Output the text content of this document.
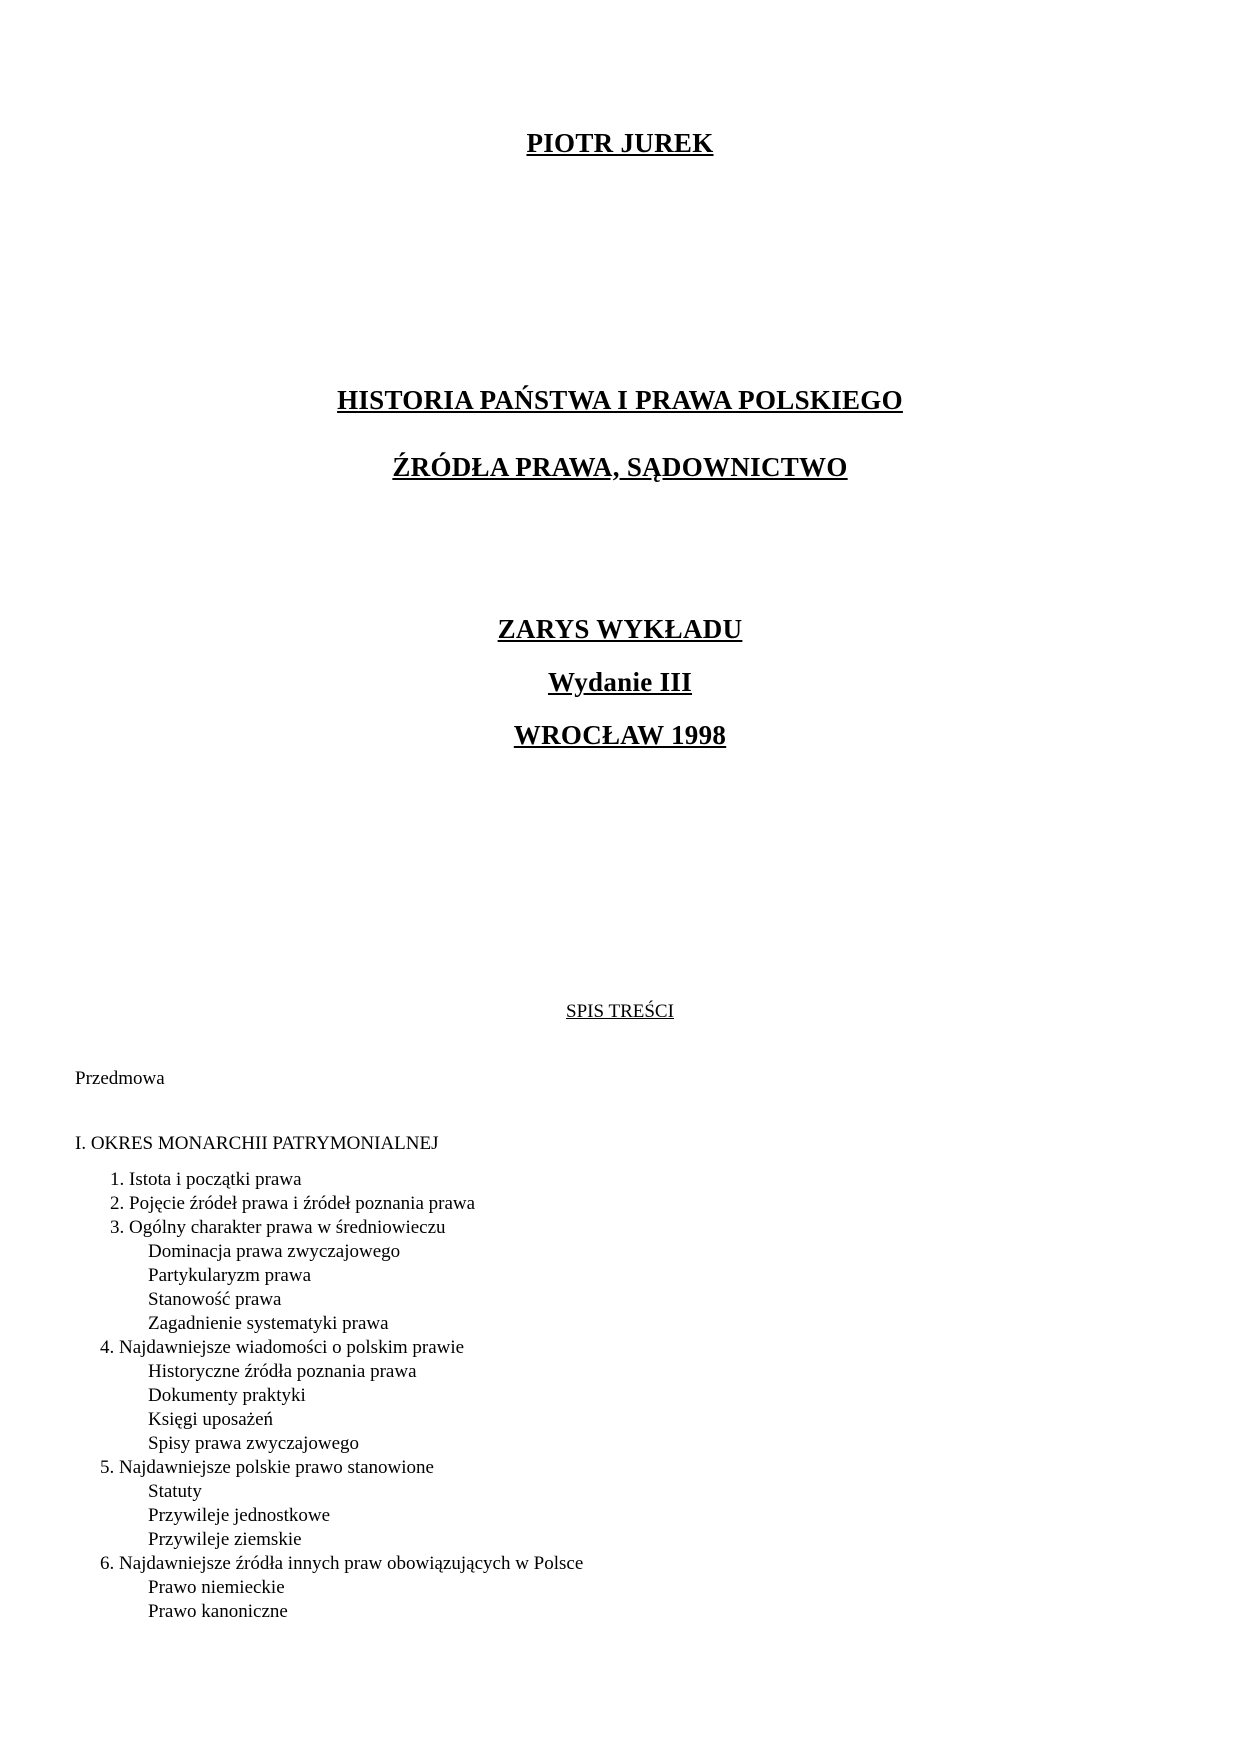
PIOTR JUREK
HISTORIA PAŃSTWA I PRAWA POLSKIEGO
ŹRÓDŁA PRAWA, SĄDOWNICTWO
ZARYS WYKŁADU
Wydanie III
WROCŁAW 1998
SPIS TREŚCI
Przedmowa
I. OKRES MONARCHII PATRYMONIALNEJ
1. Istota i początki prawa
2. Pojęcie źródeł prawa i źródeł poznania prawa
3. Ogólny charakter prawa w średniowieczu
Dominacja prawa zwyczajowego
Partykularyzm prawa
Stanowość prawa
Zagadnienie systematyki prawa
4. Najdawniejsze wiadomości o polskim prawie
Historyczne źródła poznania prawa
Dokumenty praktyki
Księgi uposażeń
Spisy prawa zwyczajowego
5. Najdawniejsze polskie prawo stanowione
Statuty
Przywileje jednostkowe
Przywileje ziemskie
6. Najdawniejsze źródła innych praw obowiązujących w Polsce
Prawo niemieckie
Prawo kanoniczne
